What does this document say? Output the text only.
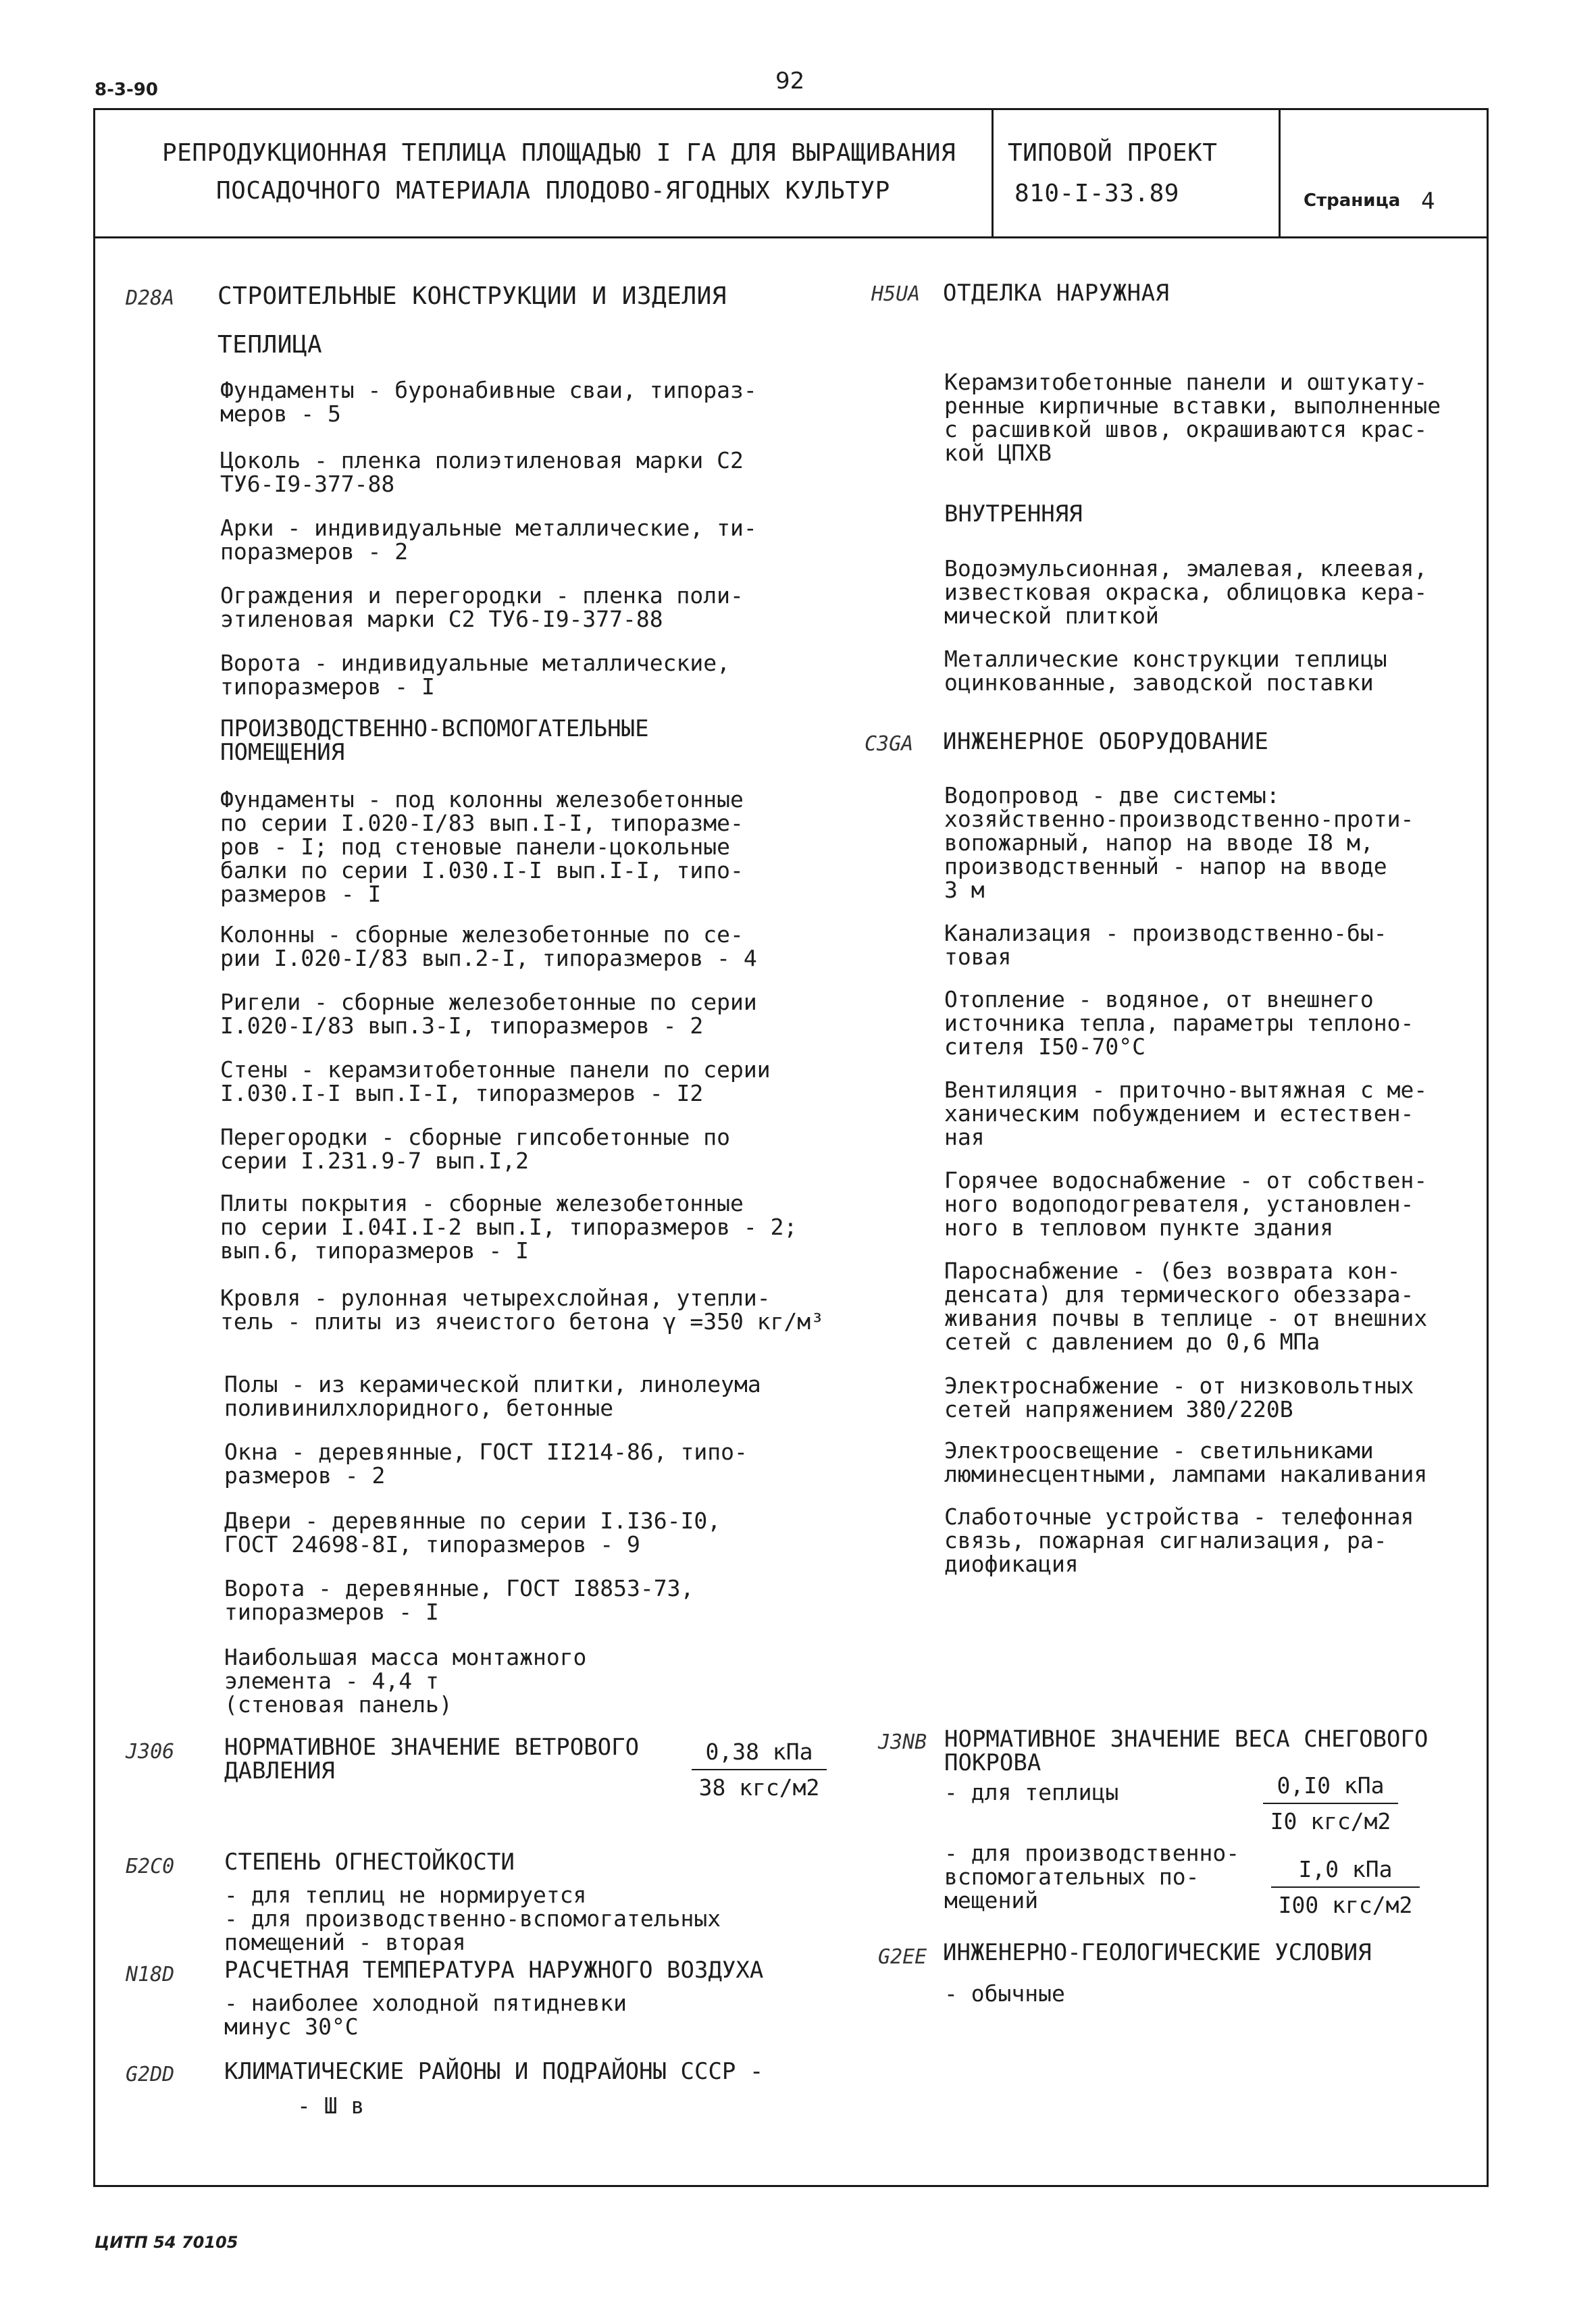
8-3-90	92
РЕПРОДУКЦИОННАЯ ТЕПЛИЦА ПЛОЩАДЬЮ I ГА ДЛЯ ВЫРАЩИВАНИЯ
ПОСАДОЧНОГО МАТЕРИАЛА ПЛОДОВО-ЯГОДНЫХ КУЛЬТУР
ТИПОВОЙ ПРОЕКТ
810-I-33.89	Страница 4
D28A СТРОИТЕЛЬНЫЕ КОНСТРУКЦИИ И ИЗДЕЛИЯ
ТЕПЛИЦА
Фундаменты - буронабивные сваи, типораз-
меров - 5
Цоколь - пленка полиэтиленовая марки С2
ТУ6-I9-377-88
Арки - индивидуальные металлические, ти-
поразмеров - 2
Ограждения и перегородки - пленка поли-
этиленовая марки С2 ТУ6-I9-377-88
Ворота - индивидуальные металлические,
типоразмеров - I
ПРОИЗВОДСТВЕННО-ВСПОМОГАТЕЛЬНЫЕ
ПОМЕЩЕНИЯ
Фундаменты - под колонны железобетонные
по серии I.020-I/83 вып.I-I, типоразме-
ров - I; под стеновые панели-цокольные
балки по серии I.030.I-I вып.I-I, типо-
размеров - I
Колонны - сборные железобетонные по се-
рии I.020-I/83 вып.2-I, типоразмеров - 4
Ригели - сборные железобетонные по серии
I.020-I/83 вып.3-I, типоразмеров - 2
Стены - керамзитобетонные панели по серии
I.030.I-I вып.I-I, типоразмеров - I2
Перегородки - сборные гипсобетонные по
серии I.231.9-7 вып.I,2
Плиты покрытия - сборные железобетонные
по серии I.04I.I-2 вып.I, типоразмеров - 2;
вып.6, типоразмеров - I
Кровля - рулонная четырехслойная, утепли-
тель - плиты из ячеистого бетона γ =350 кг/м³
Полы - из керамической плитки, линолеума
поливинилхлоридного, бетонные
Окна - деревянные, ГОСТ II214-86, типо-
размеров - 2
Двери - деревянные по серии I.I36-I0,
ГОСТ 24698-8I, типоразмеров - 9
Ворота - деревянные, ГОСТ I8853-73,
типоразмеров - I
Наибольшая масса монтажного
элемента - 4,4 т
(стеновая панель)
J306 НОРМАТИВНОЕ ЗНАЧЕНИЕ ВЕТРОВОГО
ДАВЛЕНИЯ
0,38 кПа
38 кгс/м2
Б2С0 СТЕПЕНЬ ОГНЕСТОЙКОСТИ
- для теплиц не нормируется
- для производственно-вспомогательных
помещений - вторая
N18D РАСЧЕТНАЯ ТЕМПЕРАТУРА НАРУЖНОГО ВОЗДУХА
- наиболее холодной пятидневки
минус 30°С
G2DD КЛИМАТИЧЕСКИЕ РАЙОНЫ И ПОДРАЙОНЫ СССР -
- Ш в
H5UA ОТДЕЛКА НАРУЖНАЯ
Керамзитобетонные панели и оштукату-
ренные кирпичные вставки, выполненные
с расшивкой швов, окрашиваются крас-
кой ЦПХВ
ВНУТРЕННЯЯ
Водоэмульсионная, эмалевая, клеевая,
известковая окраска, облицовка кера-
мической плиткой
Металлические конструкции теплицы
оцинкованные, заводской поставки
С3GА ИНЖЕНЕРНОЕ ОБОРУДОВАНИЕ
Водопровод - две системы:
хозяйственно-производственно-проти-
вопожарный, напор на вводе I8 м,
производственный - напор на вводе
3 м
Канализация - производственно-бы-
товая
Отопление - водяное, от внешнего
источника тепла, параметры теплоно-
сителя I50-70°С
Вентиляция - приточно-вытяжная с ме-
ханическим побуждением и естествен-
ная
Горячее водоснабжение - от собствен-
ного водоподогревателя, установлен-
ного в тепловом пункте здания
Пароснабжение - (без возврата кон-
денсата) для термического обеззара-
живания почвы в теплице - от внешних
сетей с давлением до 0,6 МПа
Электроснабжение - от низковольтных
сетей напряжением 380/220В
Электроосвещение - светильниками
люминесцентными, лампами накаливания
Слаботочные устройства - телефонная
связь, пожарная сигнализация, ра-
диофикация
J3NB НОРМАТИВНОЕ ЗНАЧЕНИЕ ВЕСА СНЕГОВОГО
ПОКРОВА
- для теплицы	0,I0 кПа
I0 кгс/м2
- для производственно-
вспомогательных по-
мещений
I,0 кПа
I00 кгс/м2
G2EE ИНЖЕНЕРНО-ГЕОЛОГИЧЕСКИЕ УСЛОВИЯ
- обычные
ЦИТП 54 70105
